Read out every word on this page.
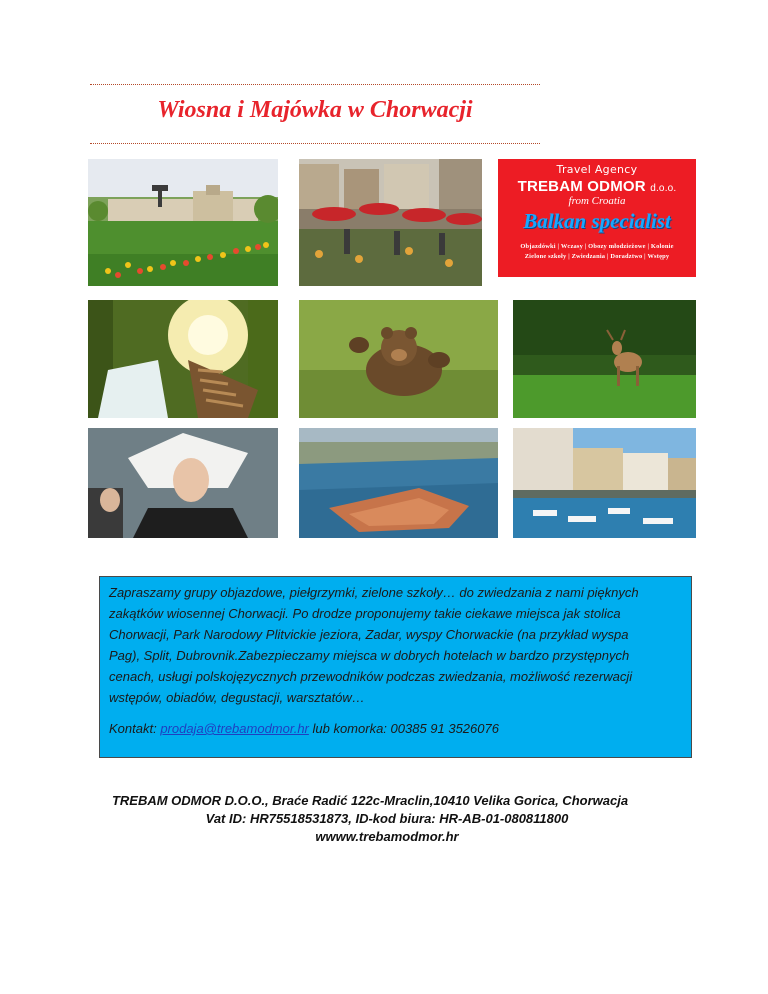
Wiosna i Majówka w Chorwacji
Travel Agency
TREBAM ODMOR d.o.o.
from Croatia
Balkan specialist
Objazdówki | Wczasy | Obozy młodzieżowe | Kolonie
Zielone szkoły | Zwiedzania | Doradztwo | Wstępy

Zapraszamy grupy objazdowe, piełgrzymki, zielone szkoły… do zwiedzania z nami pięknych

zakątków wiosennej Chorwacji. Po drodze proponujemy takie ciekawe miejsca jak stolica

Chorwacji, Park Narodowy Plitvickie jeziora, Zadar, wyspy Chorwackie (na przykład wyspa

Pag), Split, Dubrovnik.Zabezpieczamy miejsca w dobrych hotelach w bardzo przystępnych

cenach, usługi polskojęzycznych przewodników podczas zwiedzania, możliwość rezerwacji

wstępów, obiadów, degustacji, warsztatów…

Kontakt: prodaja@trebamodmor.hr lub komorka: 00385 91 3526076

TREBAM ODMOR D.O.O., Braće Radić 122c-Mraclin,10410 Velika Gorica, Chorwacja
Vat ID: HR75518531873, ID-kod biura: HR-AB-01-080811800
wwww.trebamodmor.hr
